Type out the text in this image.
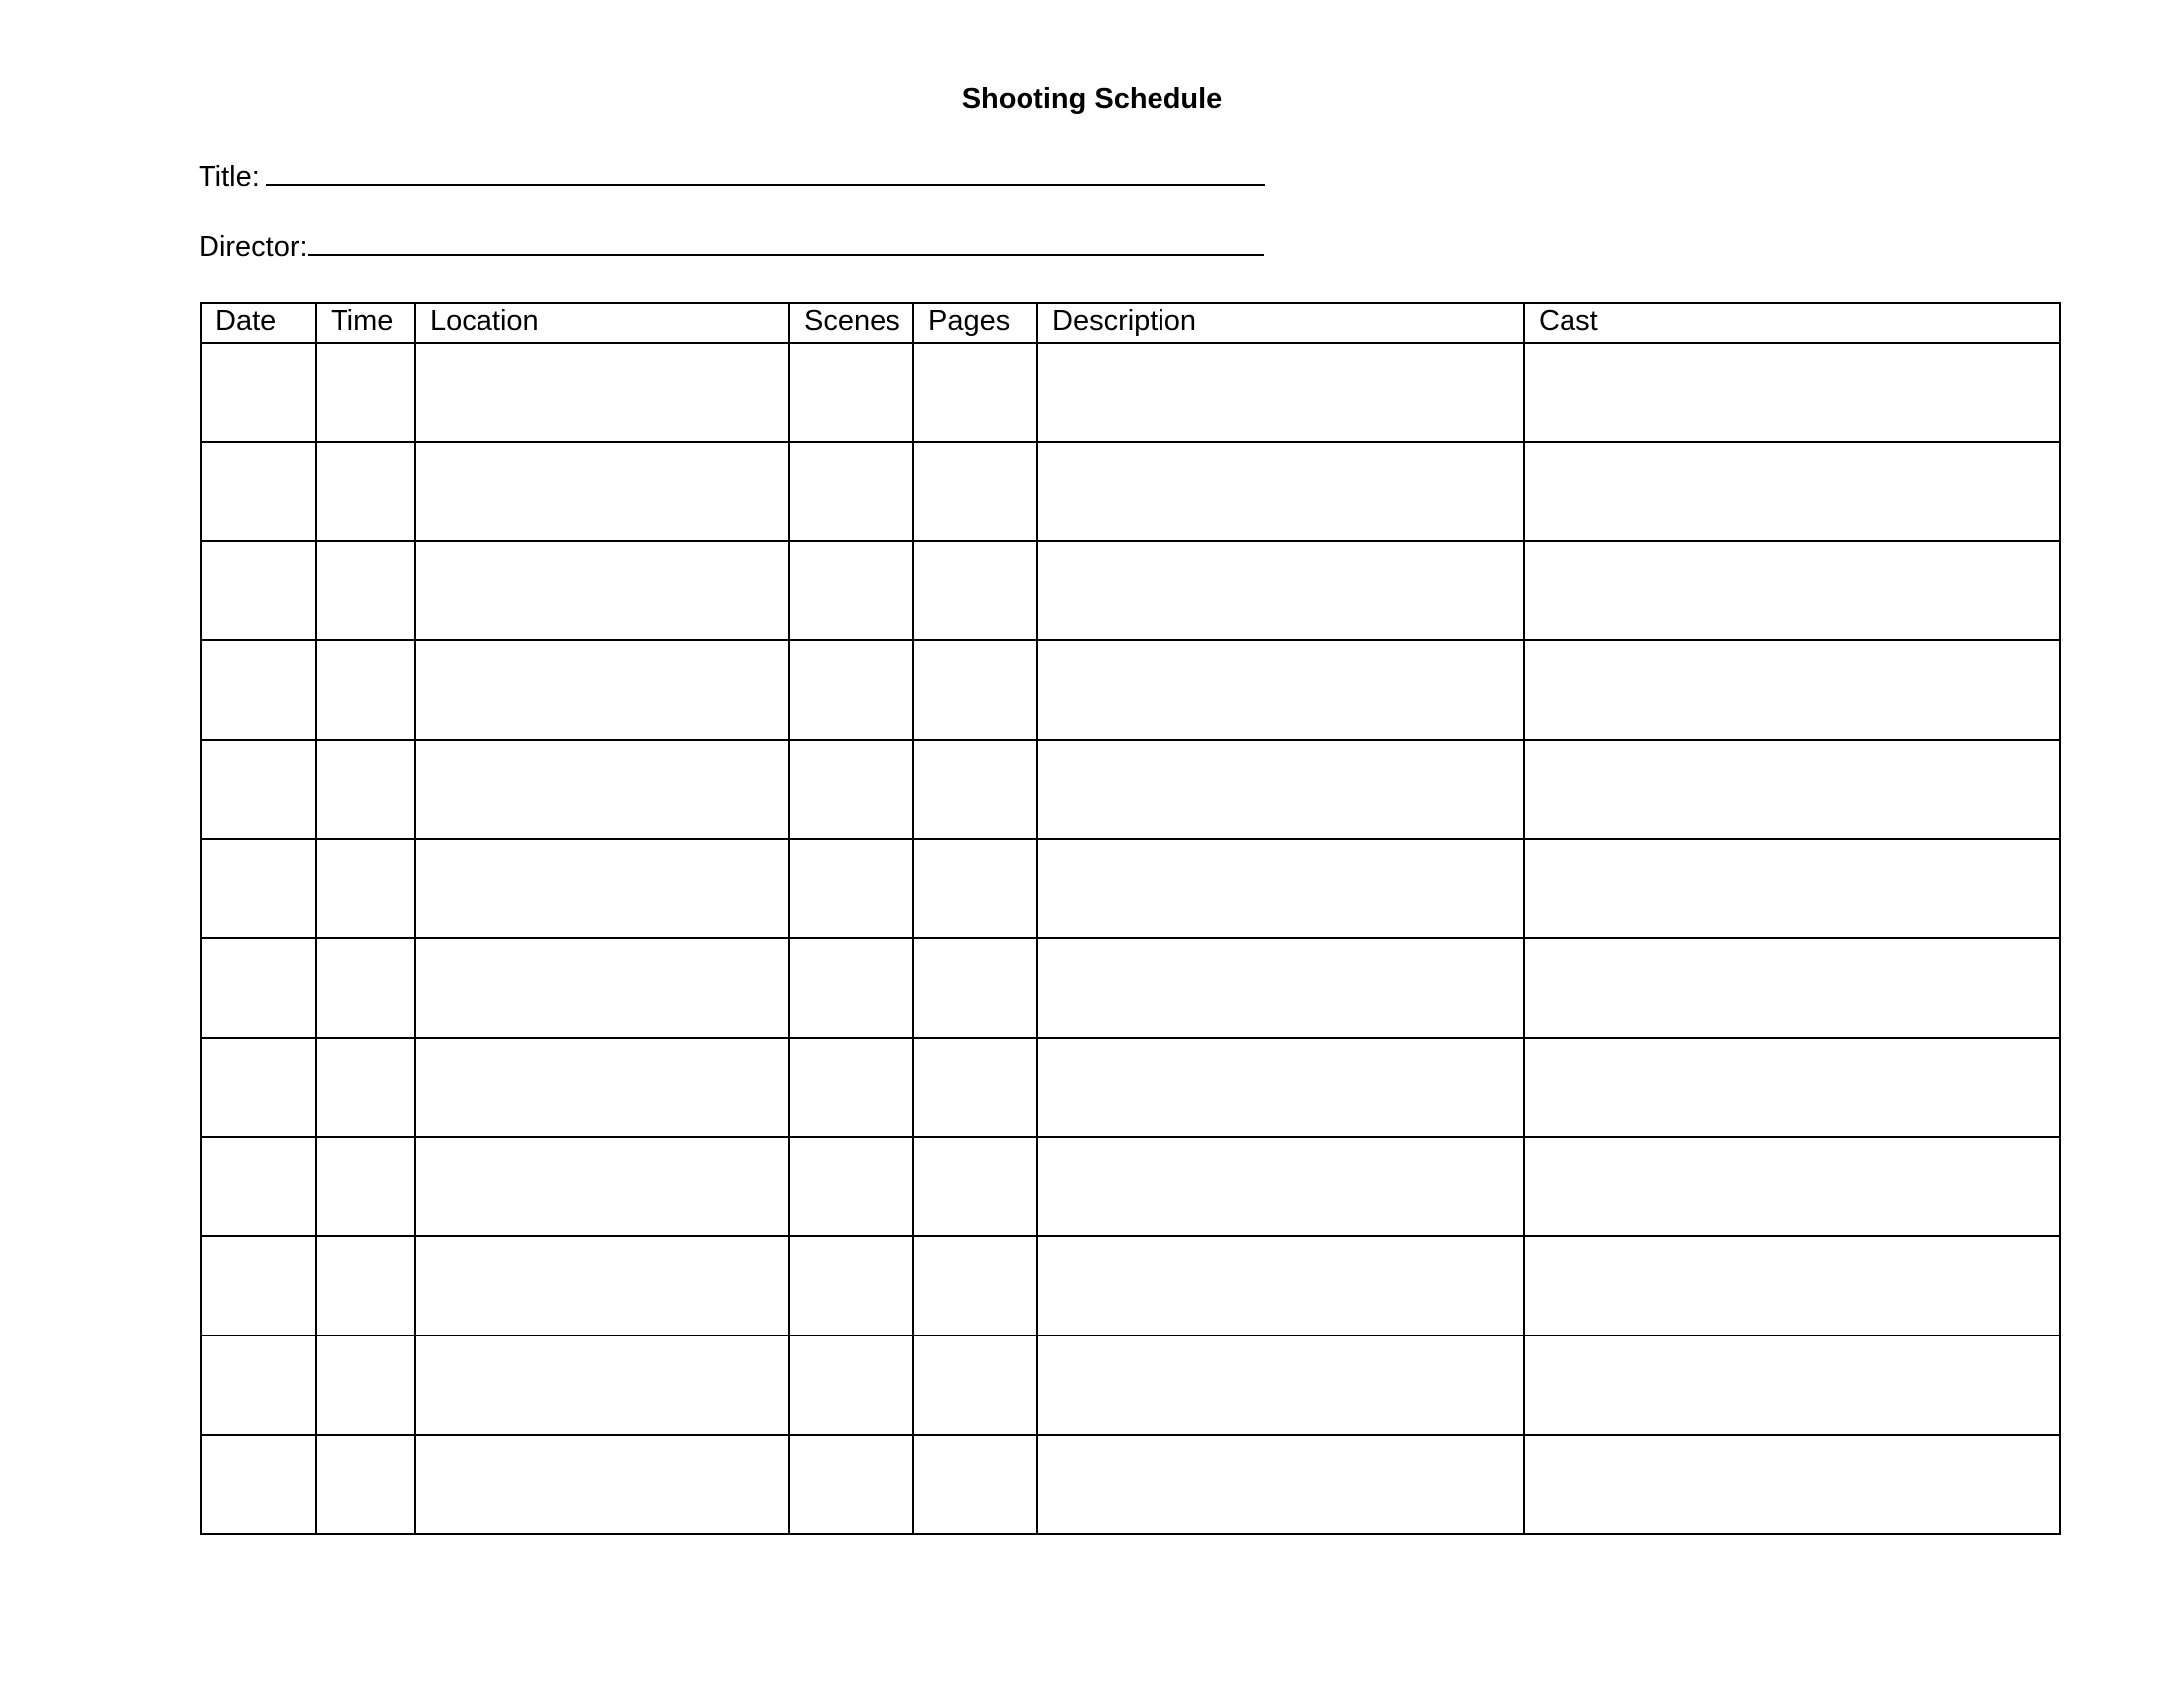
Shooting Schedule
Title:
Director:
Date	Time	Location	Scenes	Pages	Description	Cast
